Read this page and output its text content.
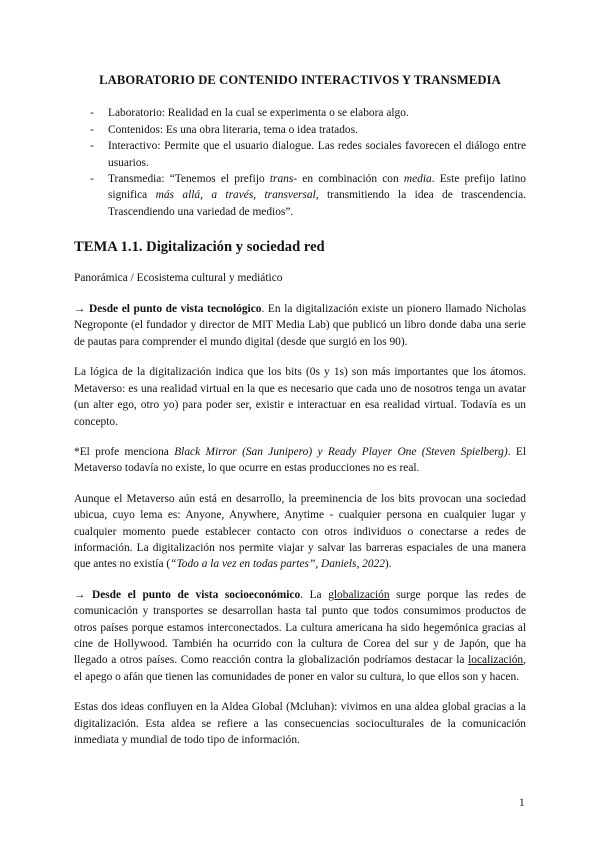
LABORATORIO DE CONTENIDO INTERACTIVOS Y TRANSMEDIA
- Laboratorio: Realidad en la cual se experimenta o se elabora algo.
- Contenidos: Es una obra literaria, tema o idea tratados.
- Interactivo: Permite que el usuario dialogue. Las redes sociales favorecen el diálogo entre usuarios.
- Transmedia: “Tenemos el prefijo trans- en combinación con media. Este prefijo latino significa más allá, a través, transversal, transmitiendo la idea de trascendencia. Trascendiendo una variedad de medios”.
TEMA 1.1. Digitalización y sociedad red

Panorámica / Ecosistema cultural y mediático

→ Desde el punto de vista tecnológico. En la digitalización existe un pionero llamado Nicholas Negroponte (el fundador y director de MIT Media Lab) que publicó un libro donde daba una serie de pautas para comprender el mundo digital (desde que surgió en los 90).

La lógica de la digitalización indica que los bits (0s y 1s) son más importantes que los átomos. Metaverso: es una realidad virtual en la que es necesario que cada uno de nosotros tenga un avatar (un alter ego, otro yo) para poder ser, existir e interactuar en esa realidad virtual. Todavía es un concepto.

*El profe menciona Black Mirror (San Junipero) y Ready Player One (Steven Spielberg). El Metaverso todavía no existe, lo que ocurre en estas producciones no es real.

Aunque el Metaverso aún está en desarrollo, la preeminencia de los bits provocan una sociedad ubicua, cuyo lema es: Anyone, Anywhere, Anytime - cualquier persona en cualquier lugar y cualquier momento puede establecer contacto con otros individuos o conectarse a redes de información. La digitalización nos permite viajar y salvar las barreras espaciales de una manera que antes no existía (“Todo a la vez en todas partes”, Daniels, 2022).

→ Desde el punto de vista socioeconómico. La globalización surge porque las redes de comunicación y transportes se desarrollan hasta tal punto que todos consumimos productos de otros países porque estamos interconectados. La cultura americana ha sido hegemónica gracias al cine de Hollywood. También ha ocurrido con la cultura de Corea del sur y de Japón, que ha llegado a otros países. Como reacción contra la globalización podríamos destacar la localización, el apego o afán que tienen las comunidades de poner en valor su cultura, lo que ellos son y hacen.

Estas dos ideas confluyen en la Aldea Global (Mcluhan): vivimos en una aldea global gracias a la digitalización. Esta aldea se refiere a las consecuencias socioculturales de la comunicación inmediata y mundial de todo tipo de información.

1
